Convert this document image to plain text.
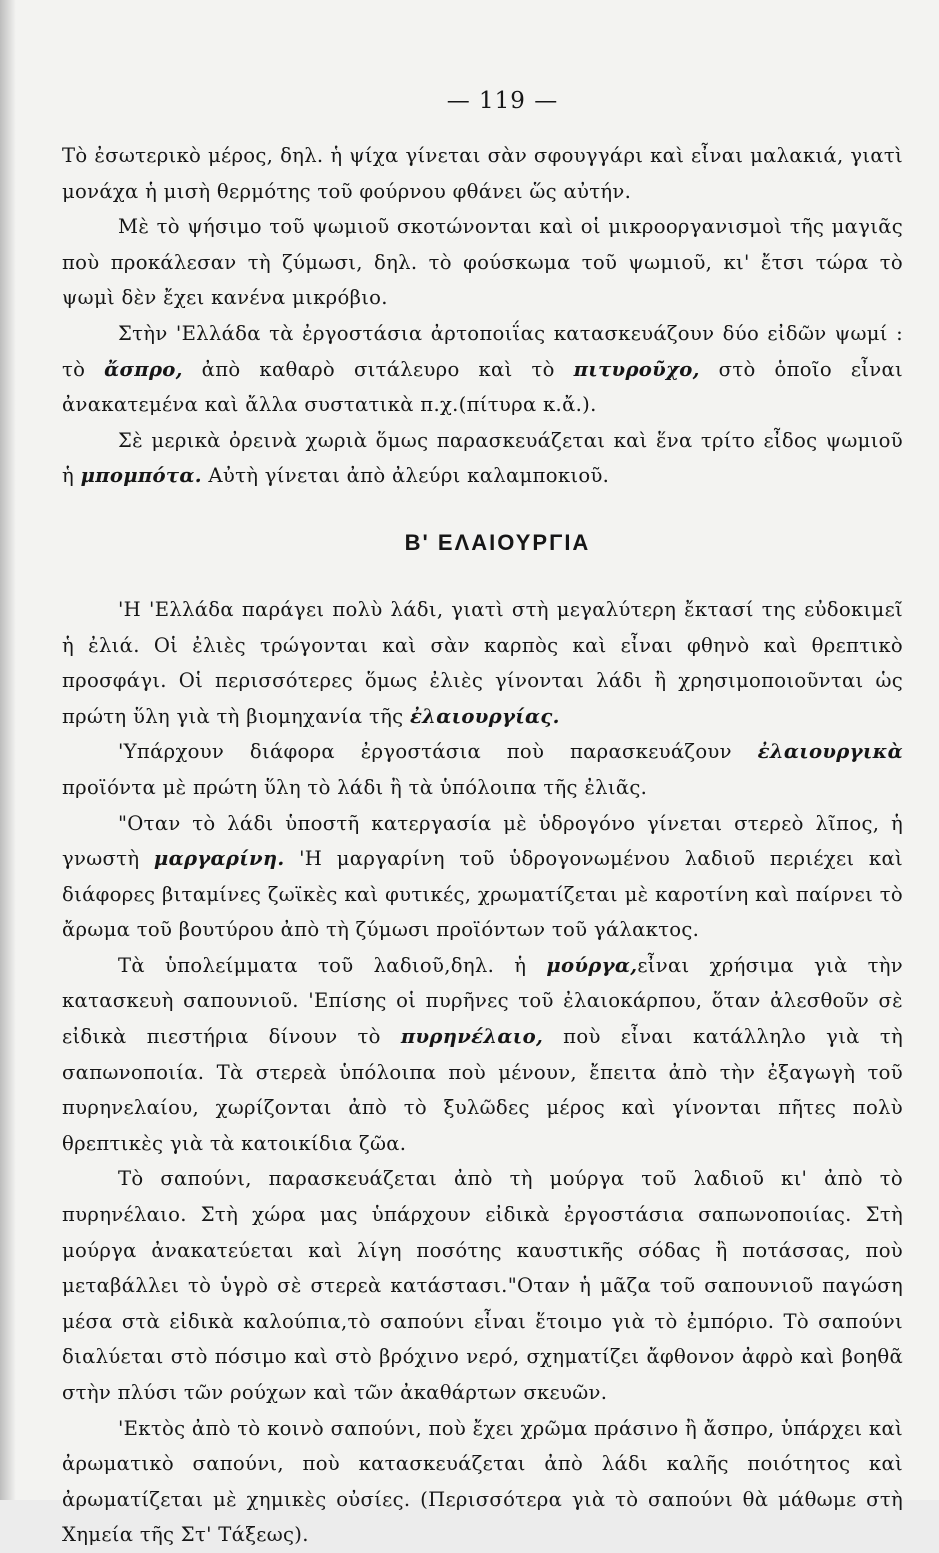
— 119 —

Τὸ ἐσωτερικὸ μέρος, δηλ. ἡ ψίχα γίνεται σὰν σφουγγάρι καὶ εἶναι μαλακιά, γιατὶ μονάχα ἡ μισὴ θερμότης τοῦ φούρνου φθάνει ὥς αὐτήν.

Μὲ τὸ ψήσιμο τοῦ ψωμιοῦ σκοτώνονται καὶ οἱ μικροοργανισμοὶ τῆς μαγιᾶς ποὺ προκάλεσαν τὴ ζύμωσι, δηλ. τὸ φούσκωμα τοῦ ψωμιοῦ, κι' ἔτσι τώρα τὸ ψωμὶ δὲν ἔχει κανένα μικρόβιο.

Στὴν 'Ελλάδα τὰ ἐργοστάσια ἀρτοποιΐας κατασκευάζουν δύο εἰδῶν ψωμί : τὸ ἄσπρο, ἀπὸ καθαρὸ σιτάλευρο καὶ τὸ πιτυροῦχο, στὸ ὁποῖο εἶναι ἀνακατεμένα καὶ ἄλλα συστατικὰ π.χ.(πίτυρα κ.ἄ.).

Σὲ μερικὰ ὀρεινὰ χωριὰ ὅμως παρασκευάζεται καὶ ἕνα τρίτο εἶδος ψωμιοῦ ἡ μπομπότα. Αὐτὴ γίνεται ἀπὸ ἀλεύρι καλαμποκιοῦ.

Β' ΕΛΑΙΟΥΡΓΙΑ

'Η 'Ελλάδα παράγει πολὺ λάδι, γιατὶ στὴ μεγαλύτερη ἔκτασί της εὐδοκιμεῖ ἡ ἐλιά. Οἱ ἐλιὲς τρώγονται καὶ σὰν καρπὸς καὶ εἶναι φθηνὸ καὶ θρεπτικὸ προσφάγι. Οἱ περισσότερες ὅμως ἐλιὲς γίνονται λάδι ἢ χρησιμοποιοῦνται ὡς πρώτη ὕλη γιὰ τὴ βιομηχανία τῆς ἐλαιουργίας.

'Υπάρχουν διάφορα ἐργοστάσια ποὺ παρασκευάζουν ἐλαιουργικὰ προϊόντα μὲ πρώτη ὕλη τὸ λάδι ἢ τὰ ὑπόλοιπα τῆς ἐλιᾶς.

"Οταν τὸ λάδι ὑποστῆ κατεργασία μὲ ὑδρογόνο γίνεται στερεὸ λῖπος, ἡ γνωστὴ μαργαρίνη. 'Η μαργαρίνη τοῦ ὑδρογονωμένου λαδιοῦ περιέχει καὶ διάφορες βιταμίνες ζωϊκὲς καὶ φυτικές, χρωματίζεται μὲ καροτίνη καὶ παίρνει τὸ ἄρωμα τοῦ βουτύρου ἀπὸ τὴ ζύμωσι προϊόντων τοῦ γάλακτος.

Τὰ ὑπολείμματα τοῦ λαδιοῦ,δηλ. ἡ μούργα,εἶναι χρήσιμα γιὰ τὴν κατασκευὴ σαπουνιοῦ. 'Επίσης οἱ πυρῆνες τοῦ ἐλαιοκάρπου, ὅταν ἀλεσθοῦν σὲ εἰδικὰ πιεστήρια δίνουν τὸ πυρηνέλαιο, ποὺ εἶναι κατάλληλο γιὰ τὴ σαπωνοποιία. Τὰ στερεὰ ὑπόλοιπα ποὺ μένουν, ἔπειτα ἀπὸ τὴν ἐξαγωγὴ τοῦ πυρηνελαίου, χωρίζονται ἀπὸ τὸ ξυλῶδες μέρος καὶ γίνονται πῆτες πολὺ θρεπτικὲς γιὰ τὰ κατοικίδια ζῶα.

Τὸ σαπούνι, παρασκευάζεται ἀπὸ τὴ μούργα τοῦ λαδιοῦ κι' ἀπὸ τὸ πυρηνέλαιο. Στὴ χώρα μας ὑπάρχουν εἰδικὰ ἐργοστάσια σαπωνοποιίας. Στὴ μούργα ἀνακατεύεται καὶ λίγη ποσότης καυστικῆς σόδας ἢ ποτάσσας, ποὺ μεταβάλλει τὸ ὑγρὸ σὲ στερεὰ κατάστασι."Οταν ἡ μᾶζα τοῦ σαπουνιοῦ παγώση μέσα στὰ εἰδικὰ καλούπια,τὸ σαπούνι εἶναι ἕτοιμο γιὰ τὸ ἐμπόριο. Τὸ σαπούνι διαλύεται στὸ πόσιμο καὶ στὸ βρόχινο νερό, σχηματίζει ἄφθονον ἀφρὸ καὶ βοηθᾶ στὴν πλύσι τῶν ρούχων καὶ τῶν ἀκαθάρτων σκευῶν.

'Εκτὸς ἀπὸ τὸ κοινὸ σαπούνι, ποὺ ἔχει χρῶμα πράσινο ἢ ἄσπρο, ὑπάρχει καὶ ἀρωματικὸ σαπούνι, ποὺ κατασκευάζεται ἀπὸ λάδι καλῆς ποιότητος καὶ ἀρωματίζεται μὲ χημικὲς οὐσίες. (Περισσότερα γιὰ τὸ σαπούνι θὰ μάθωμε στὴ Χημεία τῆς Στ' Τάξεως).
